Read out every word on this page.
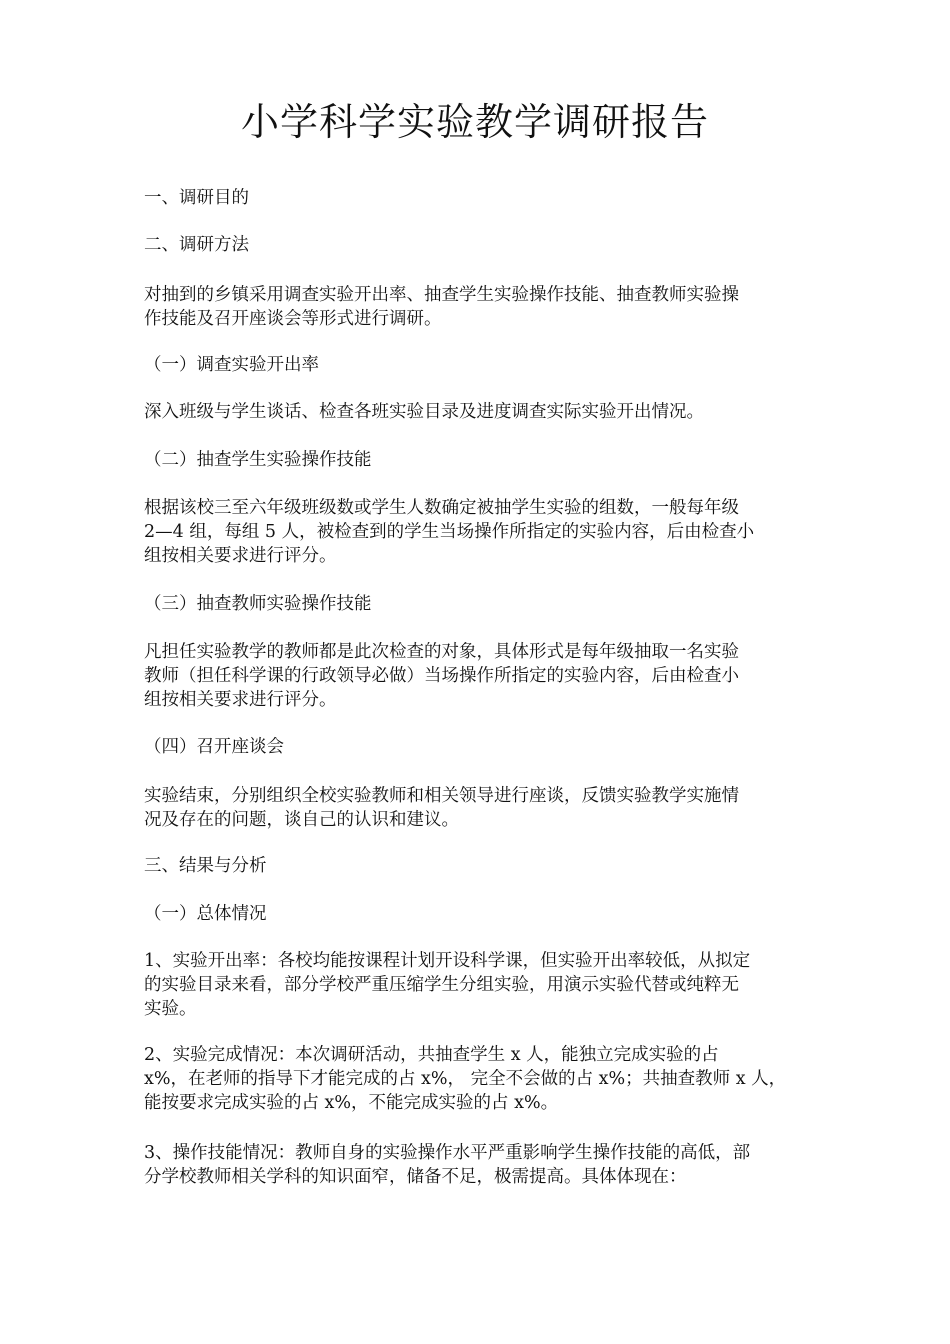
小学科学实验教学调研报告
一、调研目的
二、调研方法
对抽到的乡镇采用调查实验开出率、抽查学生实验操作技能、抽查教师实验操
作技能及召开座谈会等形式进行调研。
（一）调查实验开出率
深入班级与学生谈话、检查各班实验目录及进度调查实际实验开出情况。
（二）抽查学生实验操作技能
根据该校三至六年级班级数或学生人数确定被抽学生实验的组数，一般每年级
2—4 组，每组 5 人，被检查到的学生当场操作所指定的实验内容，后由检查小
组按相关要求进行评分。
（三）抽查教师实验操作技能
凡担任实验教学的教师都是此次检查的对象，具体形式是每年级抽取一名实验
教师（担任科学课的行政领导必做）当场操作所指定的实验内容，后由检查小
组按相关要求进行评分。
（四）召开座谈会
实验结束，分别组织全校实验教师和相关领导进行座谈，反馈实验教学实施情
况及存在的问题，谈自己的认识和建议。
三、结果与分析
（一）总体情况
1、实验开出率：各校均能按课程计划开设科学课，但实验开出率较低，从拟定
的实验目录来看，部分学校严重压缩学生分组实验，用演示实验代替或纯粹无
实验。
2、实验完成情况：本次调研活动，共抽查学生 x 人，能独立完成实验的占
x%，在老师的指导下才能完成的占 x%， 完全不会做的占 x%；共抽查教师 x 人，
能按要求完成实验的占 x%，不能完成实验的占 x%。
3、操作技能情况：教师自身的实验操作水平严重影响学生操作技能的高低，部
分学校教师相关学科的知识面窄，储备不足，极需提高。具体体现在：
